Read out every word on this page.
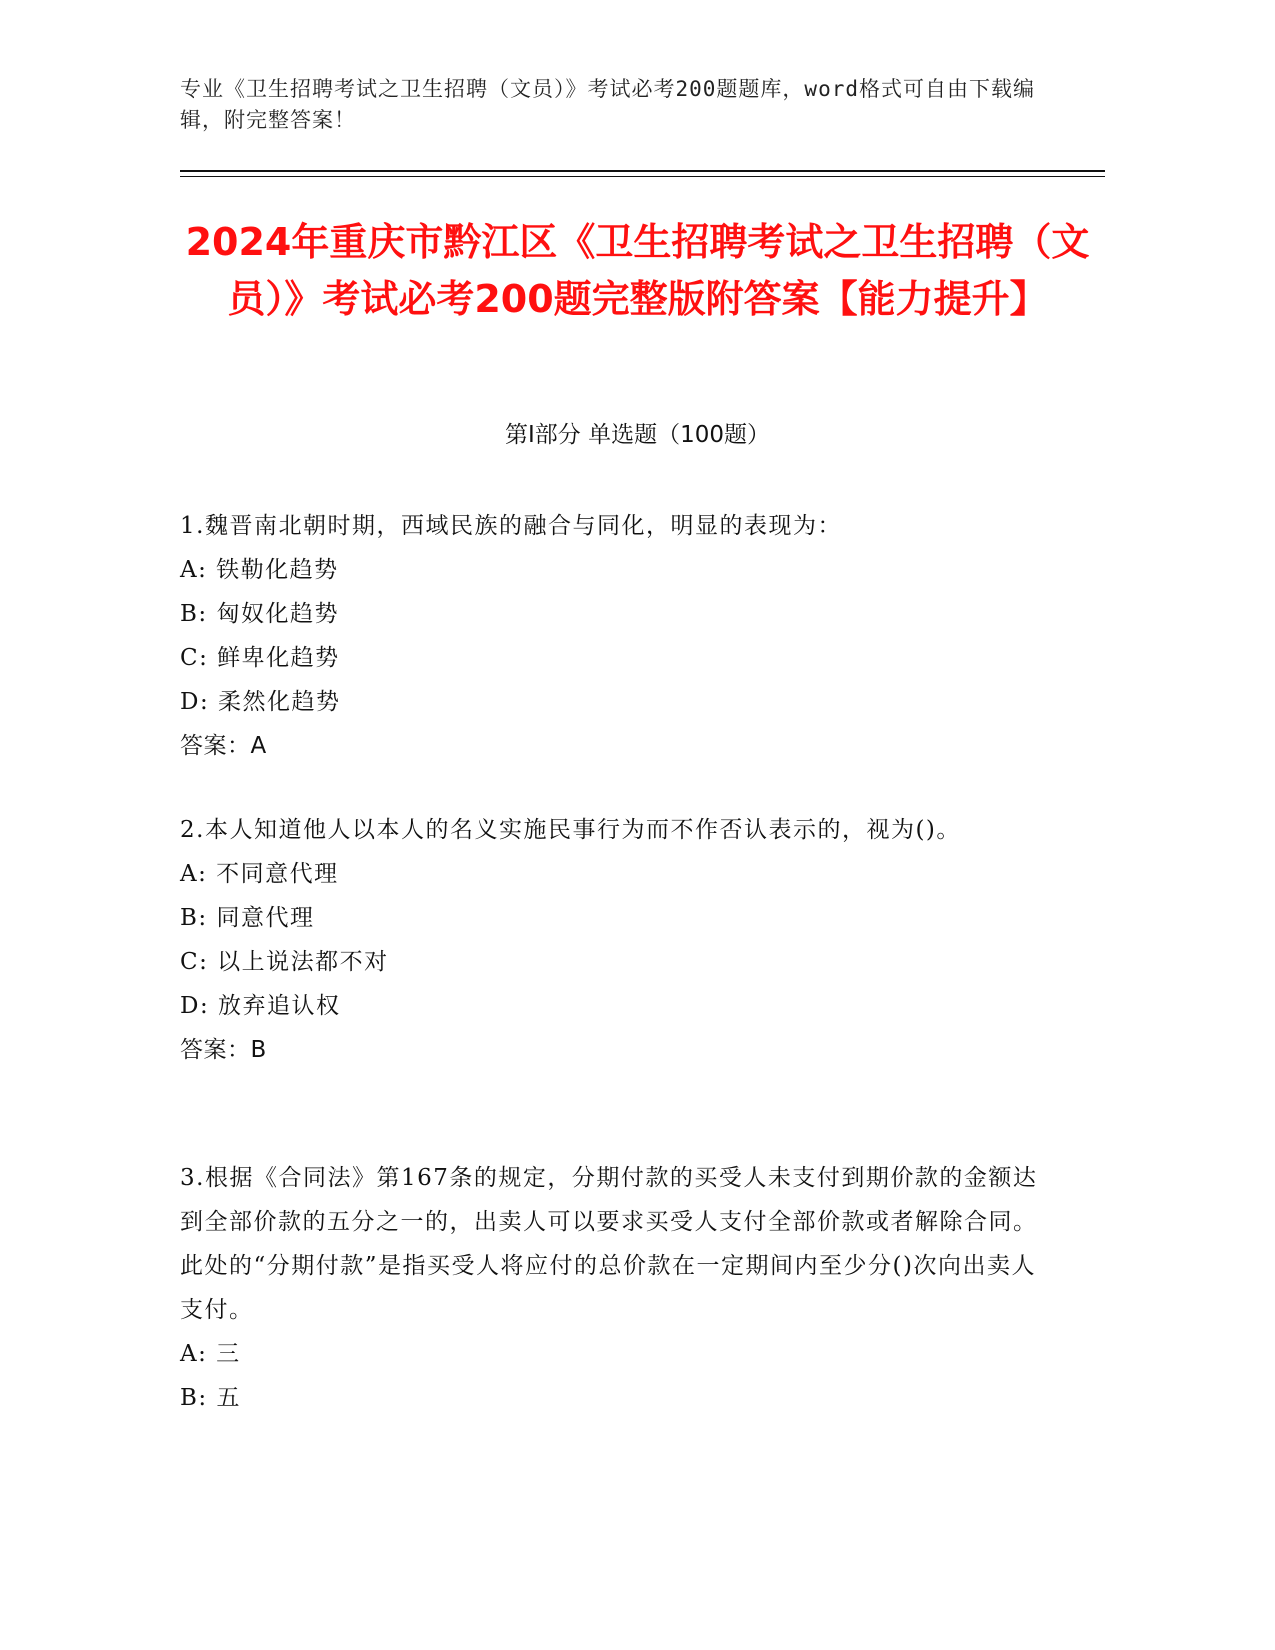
专业《卫生招聘考试之卫生招聘（文员）》考试必考200题题库，word格式可自由下载编辑，附完整答案！
2024年重庆市黔江区《卫生招聘考试之卫生招聘（文员）》考试必考200题完整版附答案【能力提升】
第I部分 单选题（100题）
1.魏晋南北朝时期，西域民族的融合与同化，明显的表现为：
A: 铁勒化趋势
B: 匈奴化趋势
C: 鲜卑化趋势
D: 柔然化趋势
答案：A
2.本人知道他人以本人的名义实施民事行为而不作否认表示的，视为()。
A: 不同意代理
B: 同意代理
C: 以上说法都不对
D: 放弃追认权
答案：B
3.根据《合同法》第167条的规定，分期付款的买受人未支付到期价款的金额达到全部价款的五分之一的，出卖人可以要求买受人支付全部价款或者解除合同。此处的“分期付款”是指买受人将应付的总价款在一定期间内至少分()次向出卖人支付。
A: 三
B: 五
